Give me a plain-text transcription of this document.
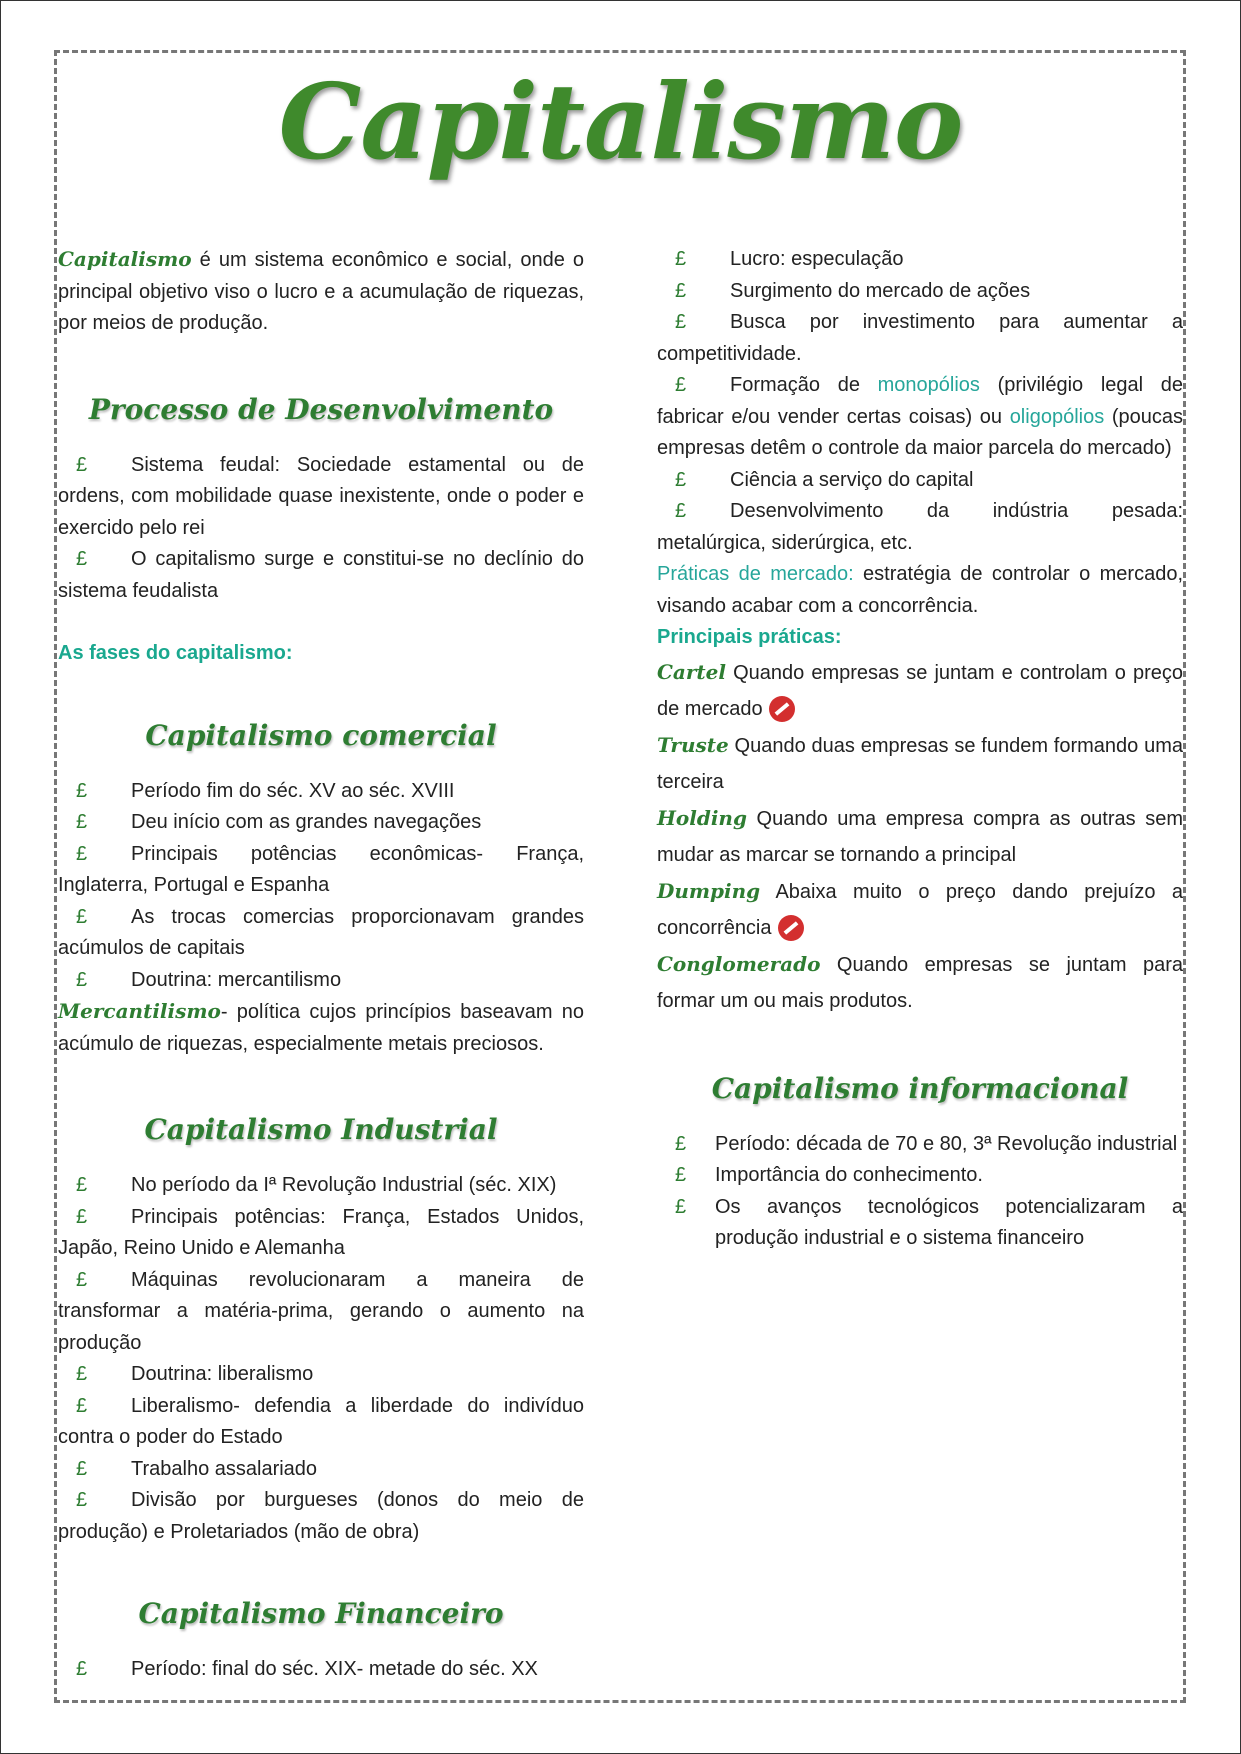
Capitalismo

Capitalismo é um sistema econômico e social, onde o principal objetivo viso o lucro e a acumulação de riquezas, por meios de produção.

Processo de Desenvolvimento

£ Sistema feudal: Sociedade estamental ou de ordens, com mobilidade quase inexistente, onde o poder e exercido pelo rei

£ O capitalismo surge e constitui-se no declínio do sistema feudalista

As fases do capitalismo:

Capitalismo comercial

£ Período fim do séc. XV ao séc. XVIII

£ Deu início com as grandes navegações

£ Principais potências econômicas- França, Inglaterra, Portugal e Espanha

£ As trocas comercias proporcionavam grandes acúmulos de capitais

£ Doutrina: mercantilismo

Mercantilismo- política cujos princípios baseavam no acúmulo de riquezas, especialmente metais preciosos.

Capitalismo Industrial

£ No período da Iª Revolução Industrial (séc. XIX)

£ Principais potências: França, Estados Unidos, Japão, Reino Unido e Alemanha

£ Máquinas revolucionaram a maneira de transformar a matéria-prima, gerando o aumento na produção

£ Doutrina: liberalismo

£ Liberalismo- defendia a liberdade do indivíduo contra o poder do Estado

£ Trabalho assalariado

£ Divisão por burgueses (donos do meio de produção) e Proletariados (mão de obra)

Capitalismo Financeiro

£ Período: final do séc. XIX- metade do séc. XX

£ Lucro: especulação

£ Surgimento do mercado de ações

£ Busca por investimento para aumentar a competitividade.

£ Formação de monopólios (privilégio legal de fabricar e/ou vender certas coisas) ou oligopólios (poucas empresas detêm o controle da maior parcela do mercado)

£ Ciência a serviço do capital

£ Desenvolvimento da indústria pesada: metalúrgica, siderúrgica, etc.

Práticas de mercado: estratégia de controlar o mercado, visando acabar com a concorrência.

Principais práticas:

Cartel Quando empresas se juntam e controlam o preço de mercado

Truste Quando duas empresas se fundem formando uma terceira

Holding Quando uma empresa compra as outras sem mudar as marcar se tornando a principal

Dumping Abaixa muito o preço dando prejuízo a concorrência

Conglomerado Quando empresas se juntam para formar um ou mais produtos.

Capitalismo informacional
£	Período: década de 70 e 80, 3ª Revolução industrial
£	Importância do conhecimento.
£	Os avanços tecnológicos potencializaram a produção industrial e o sistema financeiro
